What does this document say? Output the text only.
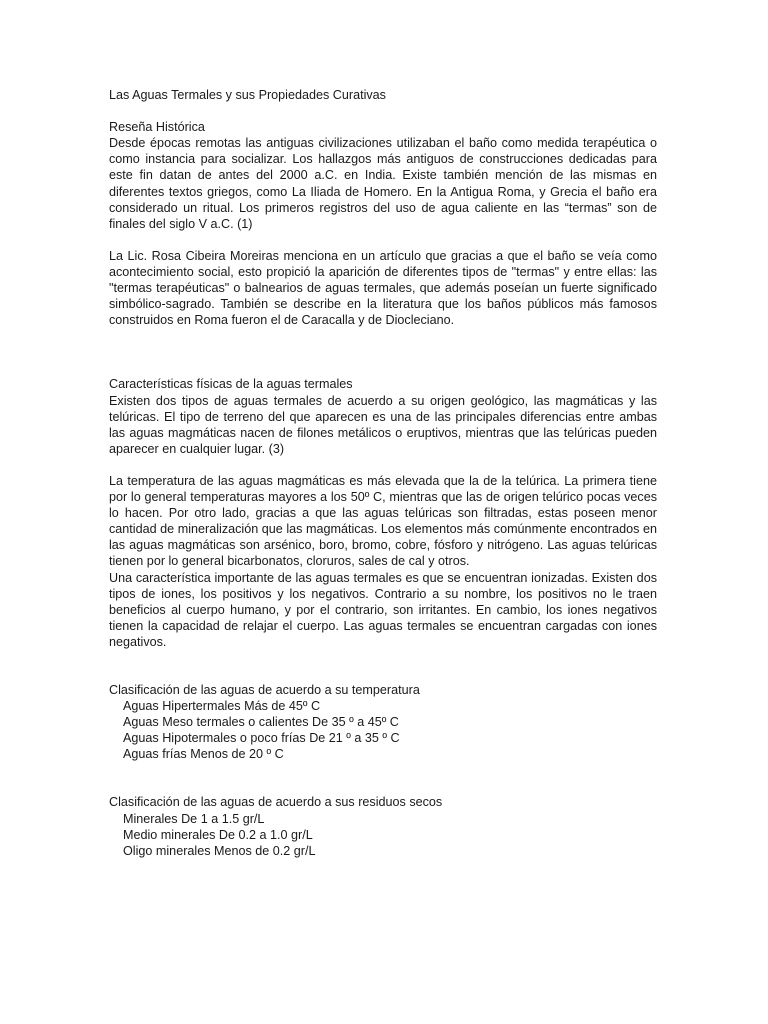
Las Aguas Termales y sus Propiedades Curativas

Reseña Histórica

Desde épocas remotas las antiguas civilizaciones utilizaban el baño como medida terapéutica o como instancia para socializar. Los hallazgos más antiguos de construcciones dedicadas para este fin datan de antes del 2000 a.C. en India. Existe también mención de las mismas en diferentes textos griegos, como La Iliada de Homero. En la Antigua Roma, y Grecia el baño era considerado un ritual. Los primeros registros del uso de agua caliente en las “termas” son de finales del siglo V a.C. (1)

La Lic. Rosa Cibeira Moreiras menciona en un artículo que gracias a que el baño se veía como acontecimiento social, esto propició la aparición de diferentes tipos de "termas" y entre ellas: las "termas terapéuticas" o balnearios de aguas termales, que además poseían un fuerte significado simbólico-sagrado. También se describe en la literatura que los baños públicos más famosos construidos en Roma fueron el de Caracalla y de Diocleciano.

Características físicas de la aguas termales

Existen dos tipos de aguas termales de acuerdo a su origen geológico, las magmáticas y las telúricas. El tipo de terreno del que aparecen es una de las principales diferencias entre ambas las aguas magmáticas nacen de filones metálicos o eruptivos, mientras que las telúricas pueden aparecer en cualquier lugar. (3)

La temperatura de las aguas magmáticas es más elevada que la de la telúrica. La primera tiene por lo general temperaturas mayores a los 50º C, mientras que las de origen telúrico pocas veces lo hacen. Por otro lado, gracias a que las aguas telúricas son filtradas, estas poseen menor cantidad de mineralización que las magmáticas. Los elementos más comúnmente encontrados en las aguas magmáticas son arsénico, boro, bromo, cobre, fósforo y nitrógeno. Las aguas telúricas tienen por lo general bicarbonatos, cloruros, sales de cal y otros.

Una característica importante de las aguas termales es que se encuentran ionizadas. Existen dos tipos de iones, los positivos y los negativos. Contrario a su nombre, los positivos no le traen beneficios al cuerpo humano, y por el contrario, son irritantes. En cambio, los iones negativos tienen la capacidad de relajar el cuerpo. Las aguas termales se encuentran cargadas con iones negativos.

Clasificación de las aguas de acuerdo a su temperatura

Aguas Hipertermales Más de 45º C
Aguas Meso termales o calientes De 35 º a 45º C
Aguas Hipotermales o poco frías De 21 º a 35 º C
Aguas frías Menos de 20 º C

Clasificación de las aguas de acuerdo a sus residuos secos

Minerales De 1 a 1.5 gr/L
Medio minerales De 0.2 a 1.0 gr/L
Oligo minerales Menos de 0.2 gr/L
